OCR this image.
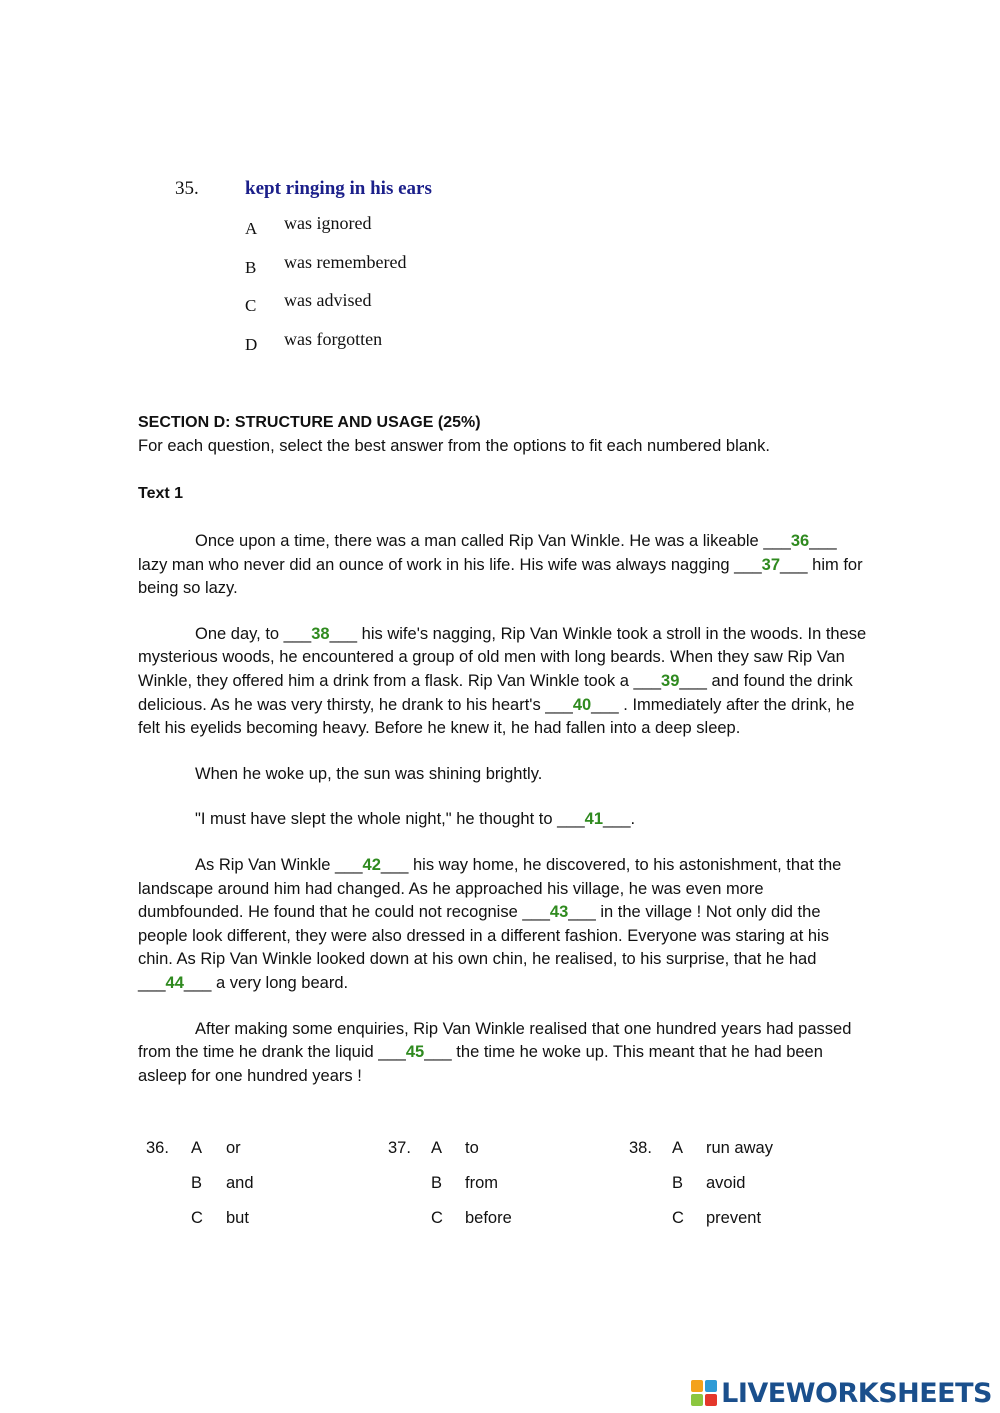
35. kept ringing in his ears
A was ignored
B was remembered
C was advised
D was forgotten
SECTION D: STRUCTURE AND USAGE (25%)
For each question, select the best answer from the options to fit each numbered blank.
Text 1

Once upon a time, there was a man called Rip Van Winkle. He was a likeable ___36___ lazy man who never did an ounce of work in his life. His wife was always nagging ___37___ him for being so lazy.

One day, to ___38___ his wife's nagging, Rip Van Winkle took a stroll in the woods. In these mysterious woods, he encountered a group of old men with long beards. When they saw Rip Van Winkle, they offered him a drink from a flask. Rip Van Winkle took a ___39___ and found the drink delicious. As he was very thirsty, he drank to his heart's ___40___ . Immediately after the drink, he felt his eyelids becoming heavy. Before he knew it, he had fallen into a deep sleep.

When he woke up, the sun was shining brightly.

"I must have slept the whole night," he thought to ___41___.

As Rip Van Winkle ___42___ his way home, he discovered, to his astonishment, that the landscape around him had changed. As he approached his village, he was even more dumbfounded. He found that he could not recognise ___43___ in the village ! Not only did the people look different, they were also dressed in a different fashion. Everyone was staring at his chin. As Rip Van Winkle looked down at his own chin, he realised, to his surprise, that he had ___44___ a very long beard.

After making some enquiries, Rip Van Winkle realised that one hundred years had passed from the time he drank the liquid ___45___ the time he woke up. This meant that he had been asleep for one hundred years !

36. A or
B and
C but
37. A to
B from
C before
38. A run away
B avoid
C prevent
LIVEWORKSHEETS
